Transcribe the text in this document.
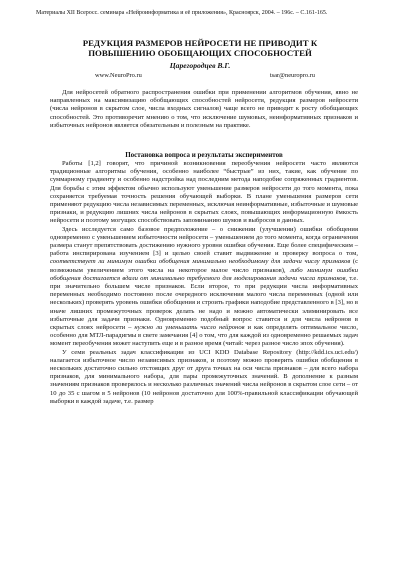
Материалы XII Всеросс. семинара «Нейроинформатика и её приложения», Красноярск, 2004. – 196с. – С.161-165.
РЕДУКЦИЯ РАЗМЕРОВ НЕЙРОСЕТИ НЕ ПРИВОДИТ К
ПОВЫШЕНИЮ ОБОБЩАЮЩИХ СПОСОБНОСТЕЙ
Царегородцев В.Г.
www.NeuroPro.ru	tsar@neuropro.ru

Для нейросетей обратного распространения ошибки при применении алгоритмов обучения, явно не направленных на максимизацию обобщающих способностей нейросети, редукция размеров нейросети (числа нейронов в скрытом слое, числа входных сигналов) чаще всего не приводит к росту обобщающих способностей. Это противоречит мнению о том, что исключение шумовых, неинформативных признаков и избыточных нейронов является обязательным и полезным на практике.

Постановка вопроса и результаты экспериментов

Работы [1,2] говорят, что причиной возникновения переобучения нейросети часто являются традиционные алгоритмы обучения, особенно наиболее “быстрые” из них, такие, как обучение по суммарному градиенту и особенно надстройка над последним метода наподобие сопряженных градиентов. Для борьбы с этим эффектом обычно используют уменьшение размеров нейросети до того момента, пока сохраняется требуемая точность решения обучающей выборки. В плане уменьшения размеров сети применяют редукцию числа независимых переменных, исключая неинформативные, избыточные и шумовые признаки, и редукцию лишних числа нейронов в скрытых слоях, повышающих информационную ёмкость нейросети и поэтому могущих способствовать запоминанию шумов и выбросов в данных.

Здесь исследуется само базовое предположение – о снижении (улучшении) ошибки обобщения одновременно с уменьшением избыточности нейросети – уменьшением до того момента, когда ограничения размера станут препятствовать достижению нужного уровня ошибки обучения. Еще более специфическим – работа инспирирована изучением [3] и целью своей ставит выдвижение и проверку вопроса о том, соответствует ли минимум ошибки обобщения минимально необходимому для задачи числу признаков (с возможным увеличением этого числа на некоторое малое число признаков), либо минимум ошибки обобщения достигается вдали от минимально требуемого для моделирования задачи числа признаков, т.е. при значительно большем числе признаков. Если второе, то при редукции числа информативных переменных необходимо постоянно после очередного исключения малого числа переменных (одной или нескольких) проверять уровень ошибки обобщения и строить графики наподобие представленного в [3], но в иначе лишних промежуточных проверок делать не надо и можно автоматически элиминировать все избыточные для задачи признаки. Одновременно подобный вопрос ставится и для числа нейронов в скрытых слоях нейросети – нужно ли уменьшать число нейронов и как определять оптимальное число, особенно для МТЛ-парадигмы в свете замечания [4] о том, что для каждой из одновременно решаемых задач момент переобучения может наступить еще и в разное время (читай: через разное число эпох обучения).

У семи реальных задач классификации из UCI KDD Database Repository (http://kdd.ics.uci.edu/) налагается избыточное число независимых признаков, и поэтому можно проверить ошибки обобщения в нескольких достаточно сильно отстоящих друг от друга точках на оси числа признаков – для всего набора признаков, для минимального набора, для пары промежуточных значений. В дополнение к разным значениям признаков проверялось и несколько различных значений числа нейронов в скрытом слое сети – от 10 до 35 с шагом в 5 нейронов (10 нейронов достаточно для 100%-правильной классификации обучающей выборки в каждой задаче, т.е. размер
